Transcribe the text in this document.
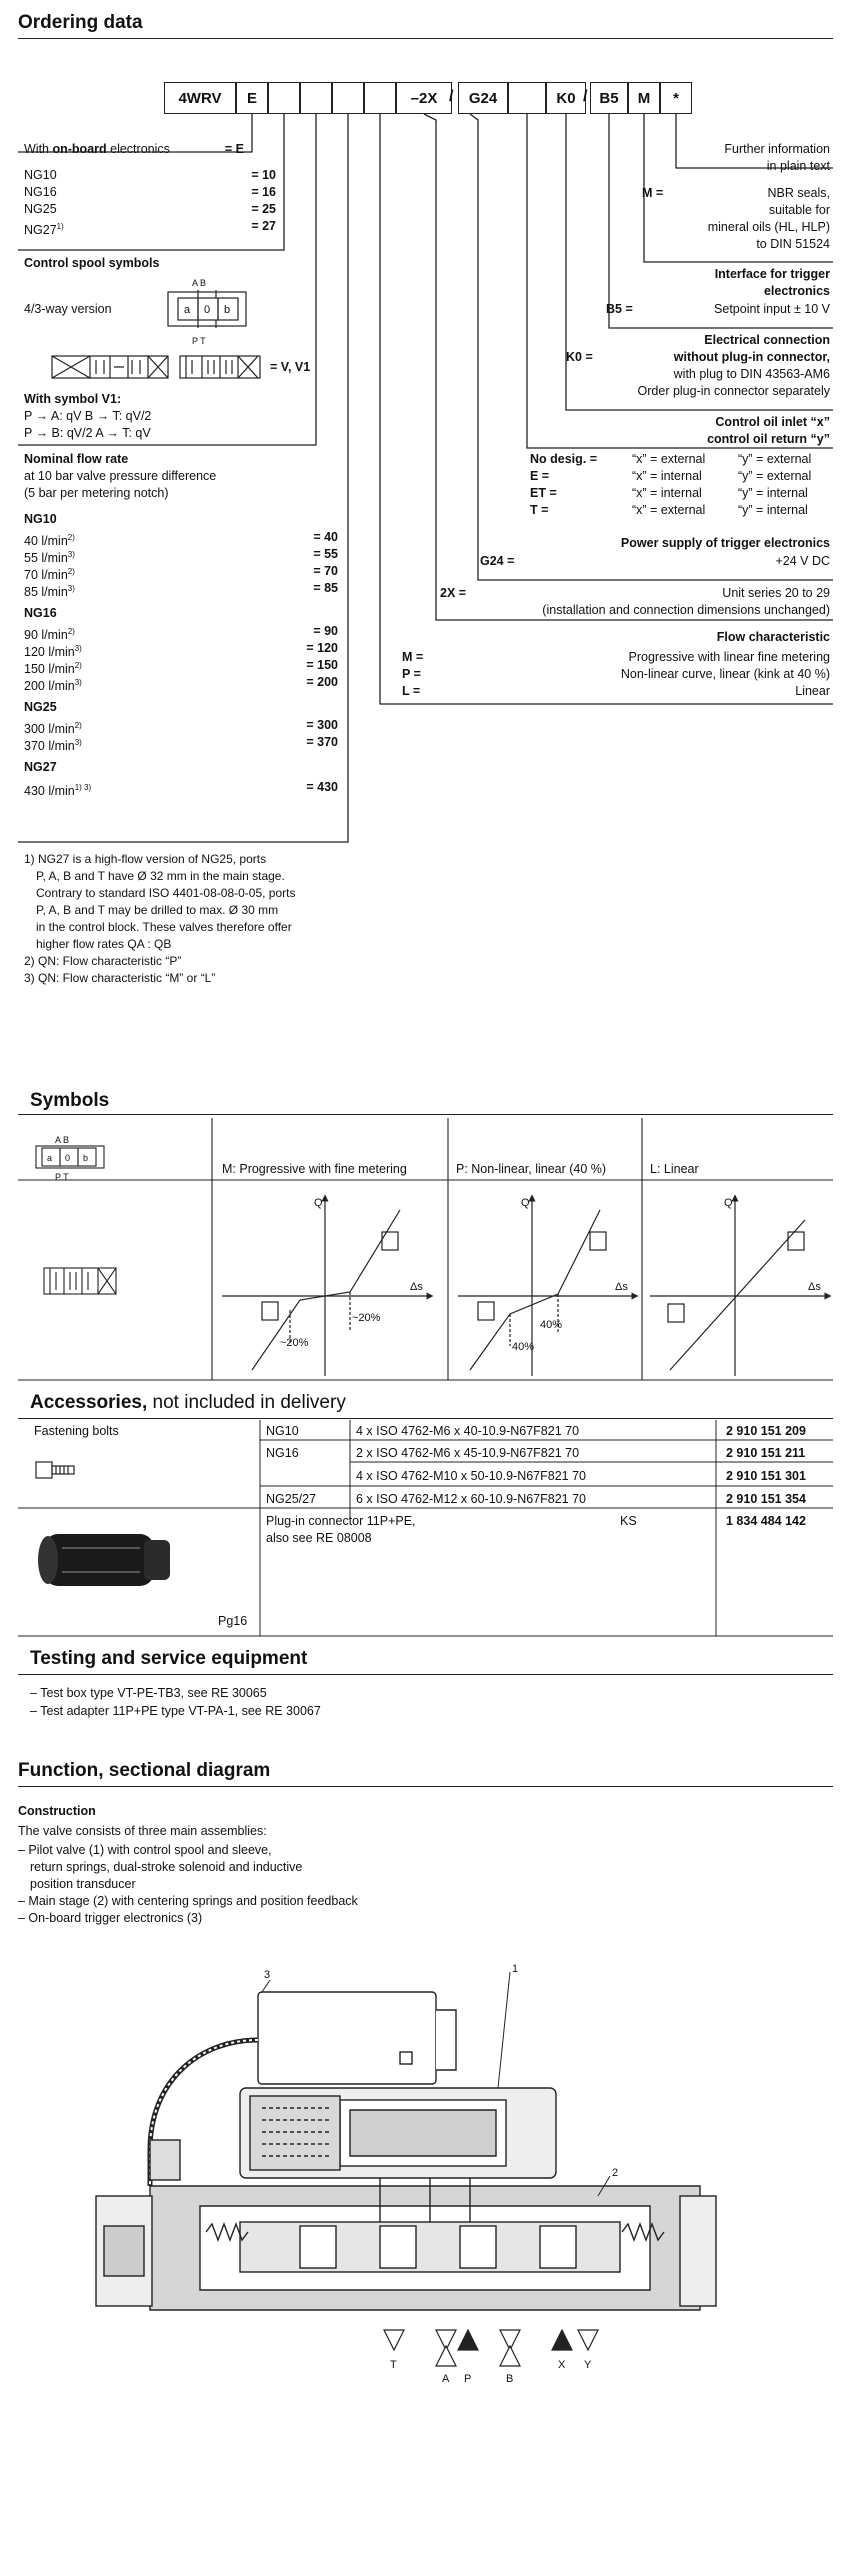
Ordering data
4WRV	E	–2X /	G24	K0 / B5	M	*
With on-board electronics	= E
NG10	= 10
NG16	= 16
NG25	= 25
$NG27^{1)}$	= 27
Control spool symbols
4/3-way version
A B
P T
a 0 b
= V, V1
With symbol V1:
P → A: qV B → T: qV/2
P → B: qV/2 A → T: qV
Nominal flow rate
at 10 bar valve pressure difference
(5 bar per metering notch)
NG10
40 $l/\min^{2)}$	= 40
55 $l/\min^{3)}$	= 55
70 $l/\min^{2)}$	= 70
85 $l/\min^{3)}$	= 85
NG16
90 $l/\min^{2)}$	= 90
120 $l/\min^{3)}$	= 120
150 $l/\min^{2)}$	= 150
200 $l/\min^{3)}$	= 200
NG25
300 $l/\min^{2)}$	= 300
370 $l/\min^{3)}$	= 370
NG27
430 $l/\min^{1) 3)}$	= 430
Further information
in plain text
M =	NBR seals,
suitable for
mineral oils (HL, HLP)
to DIN 51524
Interface for trigger
electronics
B5 =	Setpoint input ± 10 V
Electrical connection
K0 =	without plug-in connector,
with plug to DIN 43563-AM6
Order plug-in connector separately
Control oil inlet “x”
control oil return “y”
No desig. =	“x” = external	“y” = external
E =	“x” = internal	“y” = external
ET =	“x” = internal	“y” = internal
T =	“x” = external	“y” = internal
Power supply of trigger electronics
G24 =	+24 V DC
2X =	Unit series 20 to 29
(installation and connection dimensions unchanged)
Flow characteristic
M =	Progressive with linear fine metering
P =	Non-linear curve, linear (kink at 40 %)
L =	Linear
1) NG27 is a high-flow version of NG25, ports
P, A, B and T have Ø 32 mm in the main stage.
Contrary to standard ISO 4401-08-08-0-05, ports
P, A, B and T may be drilled to max. Ø 30 mm
in the control block. These valves therefore offer
higher flow rates QA : QB
2) QN: Flow characteristic “P”
3) QN: Flow characteristic “M” or “L”
Symbols
A B
P T
a 0 b
M: Progressive with fine metering	P: Non-linear, linear (40 %)	L: Linear
Q
Δs
Q
Δs
Q
Δs
~20%
~20%
40%
40%
Accessories, not included in delivery
Fastening bolts	NG10	4 x ISO 4762-M6 x 40-10.9-N67F821 70	2 910 151 209
NG16	2 x ISO 4762-M6 x 45-10.9-N67F821 70	2 910 151 211
4 x ISO 4762-M10 x 50-10.9-N67F821 70	2 910 151 301
NG25/27	6 x ISO 4762-M12 x 60-10.9-N67F821 70	2 910 151 354
Plug-in connector 11P+PE,
also see RE 08008
KS	1 834 484 142
Pg16
Testing and service equipment
– Test box type VT-PE-TB3, see RE 30065
– Test adapter 11P+PE type VT-PA-1, see RE 30067
Function, sectional diagram
Construction
The valve consists of three main assemblies:
– Pilot valve (1) with control spool and sleeve,
return springs, dual-stroke solenoid and inductive
position transducer
– Main stage (2) with centering springs and position feedback
– On-board trigger electronics (3)
3	1
2
T
A P	B
X Y
